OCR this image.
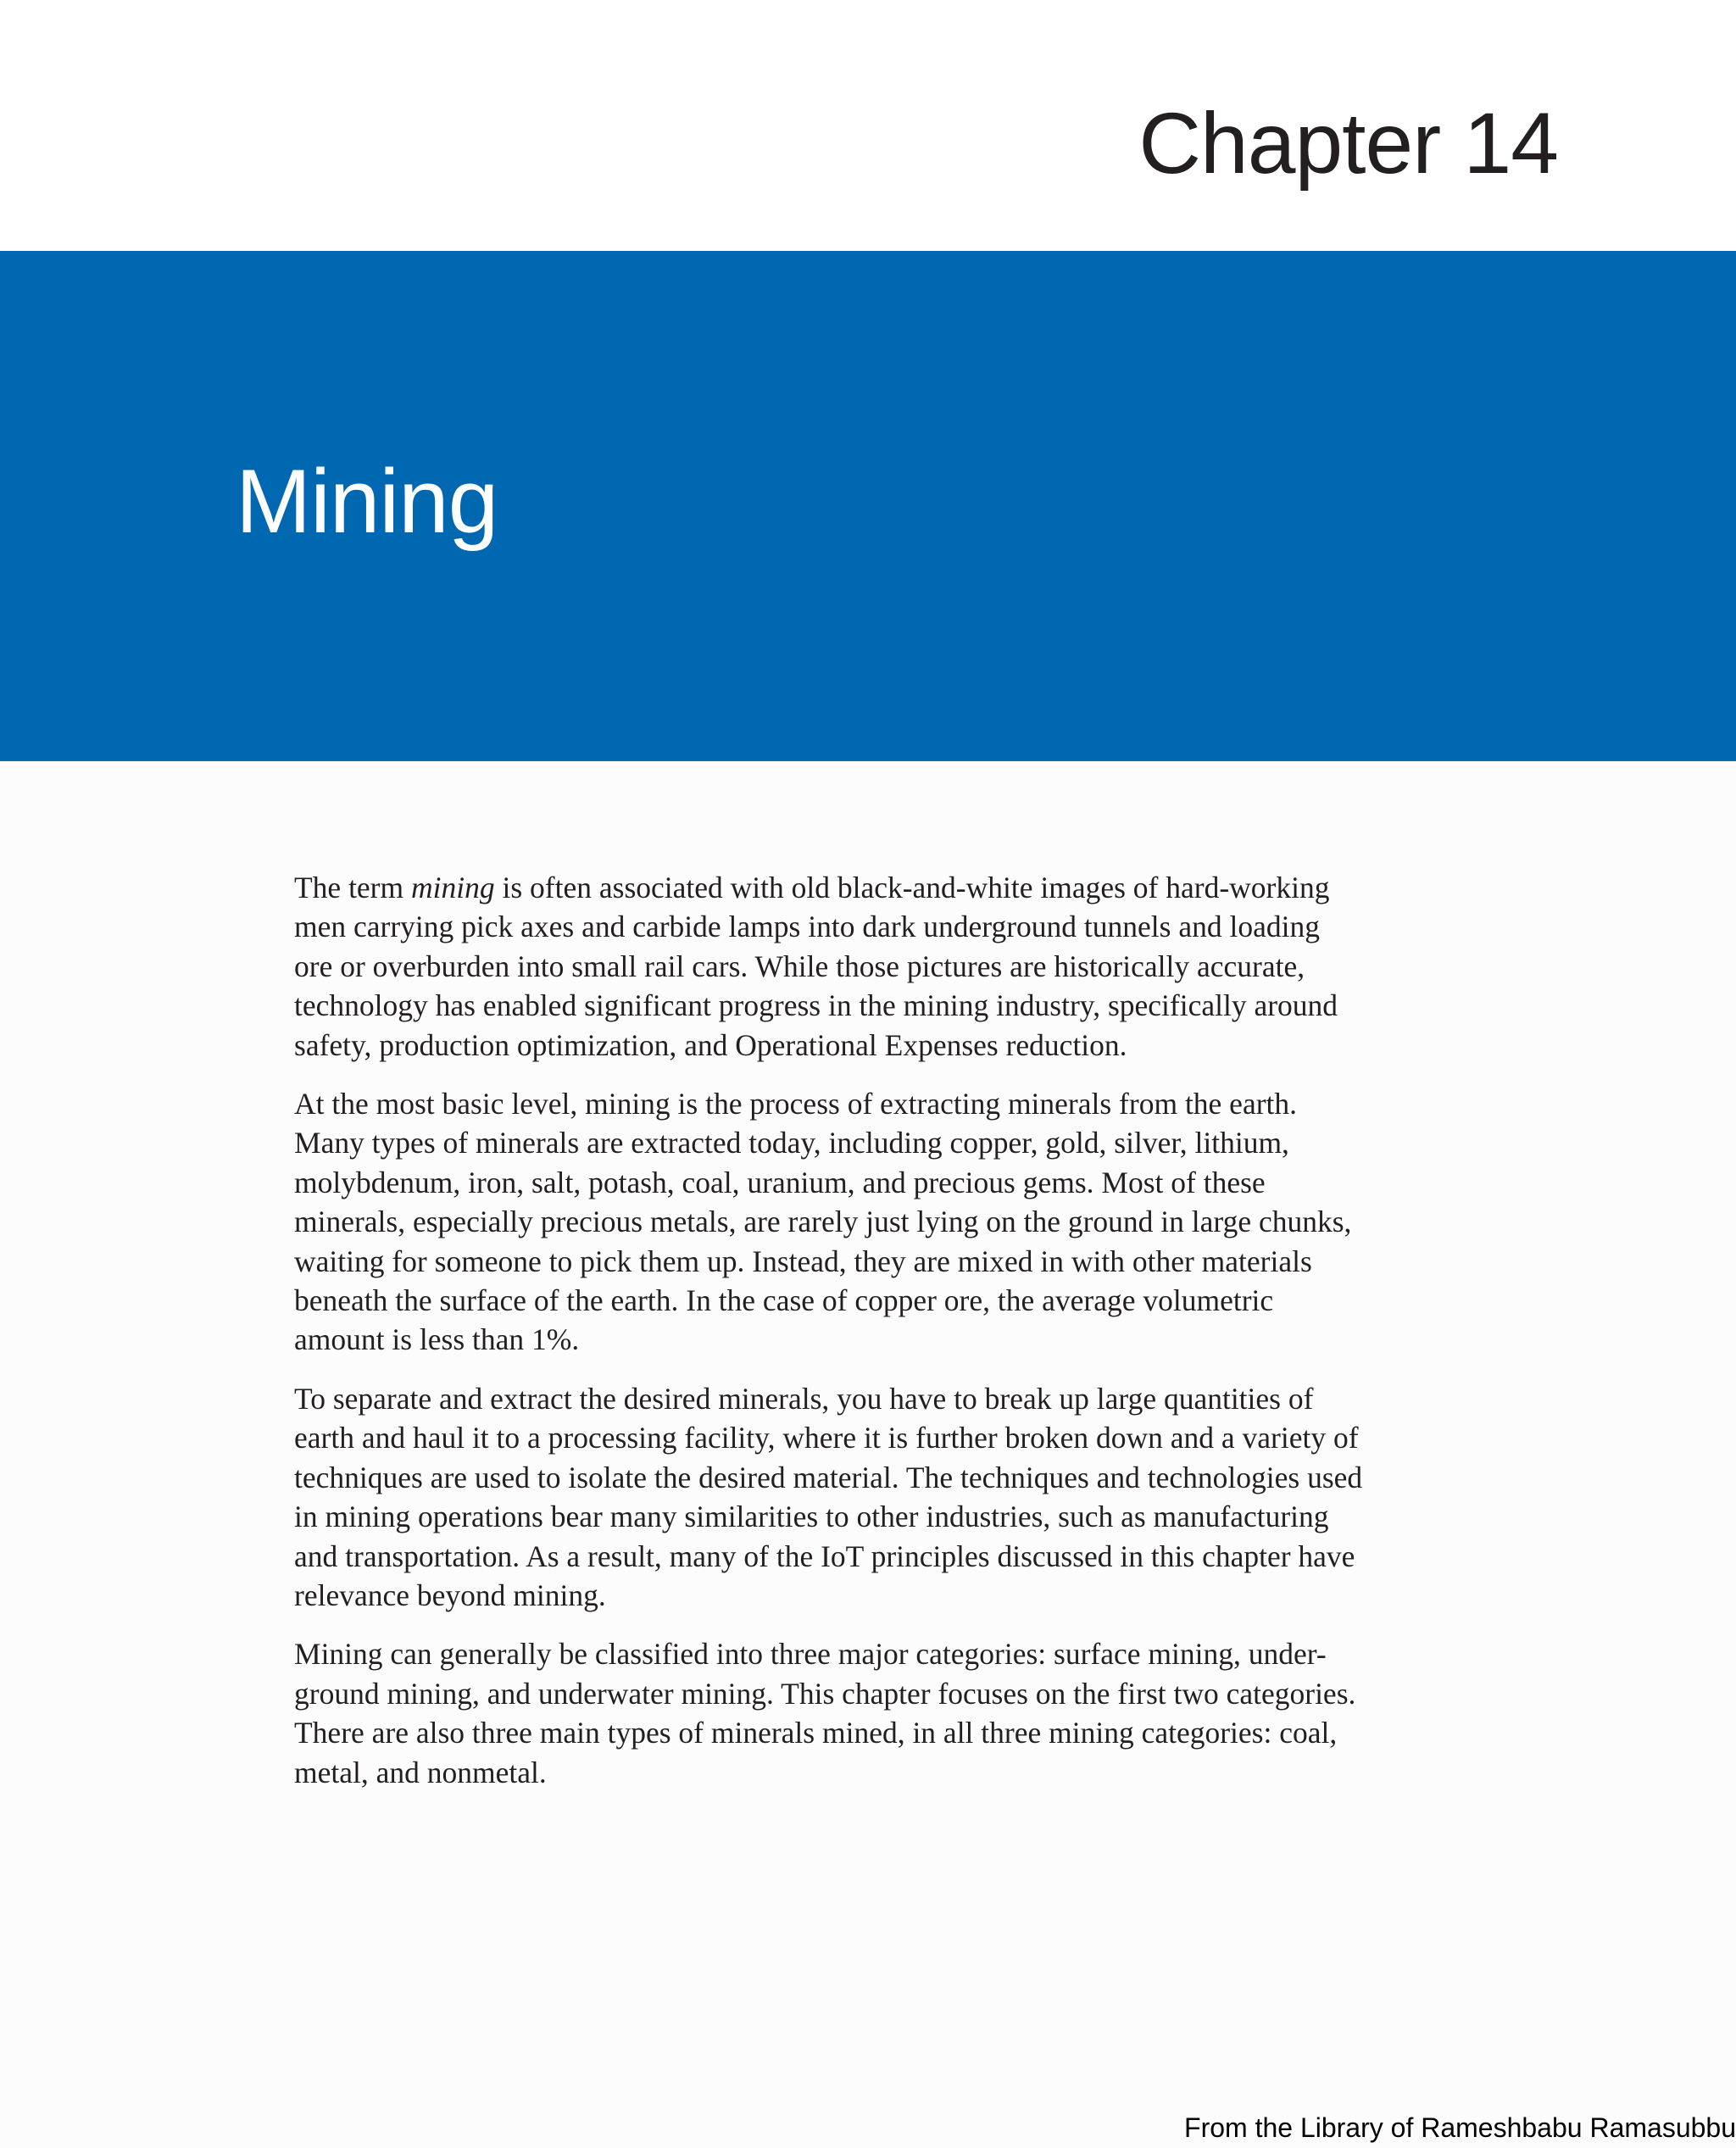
Chapter 14
Mining

The term mining is often associated with old black-and-white images of hard-working
men carrying pick axes and carbide lamps into dark underground tunnels and loading
ore or overburden into small rail cars. While those pictures are historically accurate,
technology has enabled significant progress in the mining industry, specifically around
safety, production optimization, and Operational Expenses reduction.

At the most basic level, mining is the process of extracting minerals from the earth.
Many types of minerals are extracted today, including copper, gold, silver, lithium,
molybdenum, iron, salt, potash, coal, uranium, and precious gems. Most of these
minerals, especially precious metals, are rarely just lying on the ground in large chunks,
waiting for someone to pick them up. Instead, they are mixed in with other materials
beneath the surface of the earth. In the case of copper ore, the average volumetric
amount is less than 1%.

To separate and extract the desired minerals, you have to break up large quantities of
earth and haul it to a processing facility, where it is further broken down and a variety of
techniques are used to isolate the desired material. The techniques and technologies used
in mining operations bear many similarities to other industries, such as manufacturing
and transportation. As a result, many of the IoT principles discussed in this chapter have
relevance beyond mining.

Mining can generally be classified into three major categories: surface mining, under-
ground mining, and underwater mining. This chapter focuses on the first two categories.
There are also three main types of minerals mined, in all three mining categories: coal,
metal, and nonmetal.

From the Library of Rameshbabu Ramasubbu
